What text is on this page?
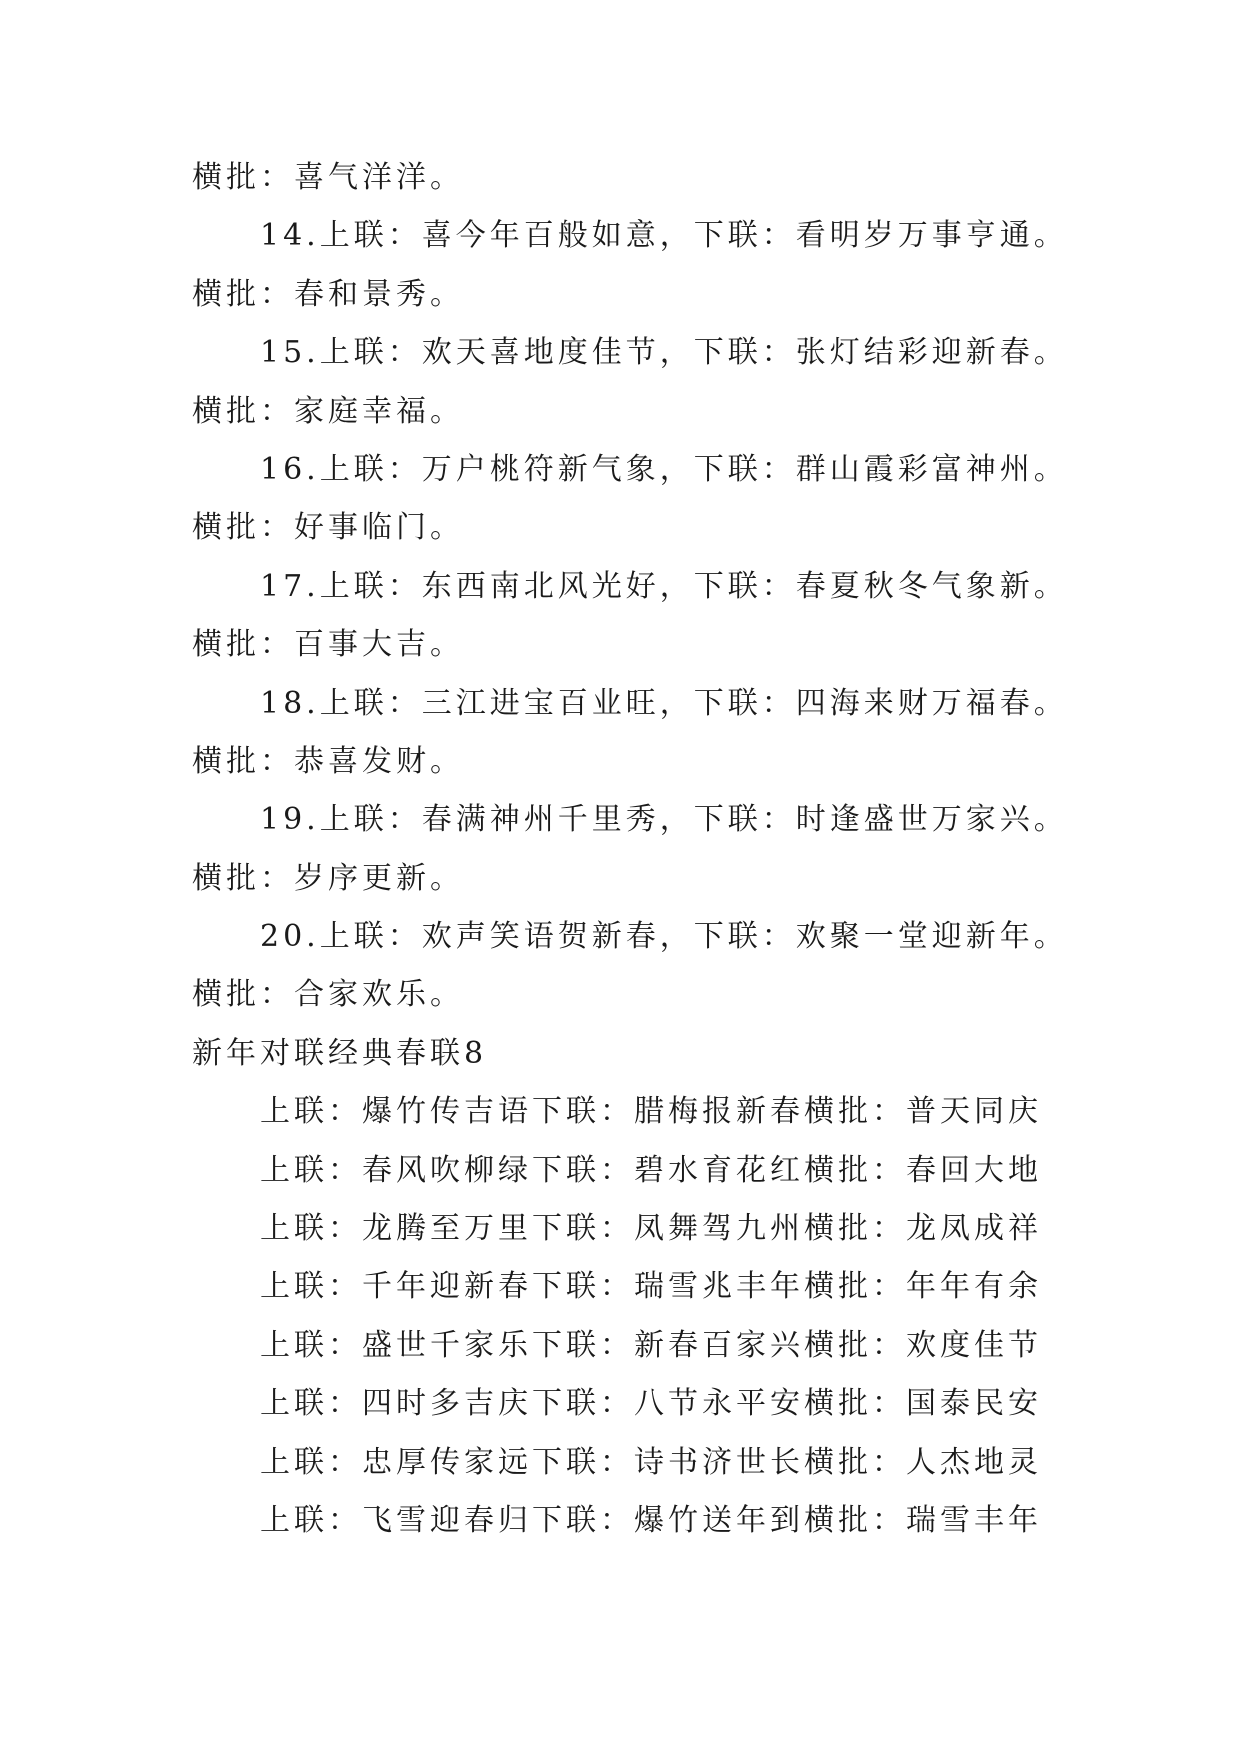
横批：喜气洋洋。
14.上联：喜今年百般如意，下联：看明岁万事亨通。
横批：春和景秀。
15.上联：欢天喜地度佳节，下联：张灯结彩迎新春。
横批：家庭幸福。
16.上联：万户桃符新气象，下联：群山霞彩富神州。
横批：好事临门。
17.上联：东西南北风光好，下联：春夏秋冬气象新。
横批：百事大吉。
18.上联：三江进宝百业旺，下联：四海来财万福春。
横批：恭喜发财。
19.上联：春满神州千里秀，下联：时逢盛世万家兴。
横批：岁序更新。
20.上联：欢声笑语贺新春，下联：欢聚一堂迎新年。
横批：合家欢乐。
新年对联经典春联8
上联：爆竹传吉语下联：腊梅报新春横批：普天同庆
上联：春风吹柳绿下联：碧水育花红横批：春回大地
上联：龙腾至万里下联：凤舞驾九州横批：龙凤成祥
上联：千年迎新春下联：瑞雪兆丰年横批：年年有余
上联：盛世千家乐下联：新春百家兴横批：欢度佳节
上联：四时多吉庆下联：八节永平安横批：国泰民安
上联：忠厚传家远下联：诗书济世长横批：人杰地灵
上联：飞雪迎春归下联：爆竹送年到横批：瑞雪丰年
